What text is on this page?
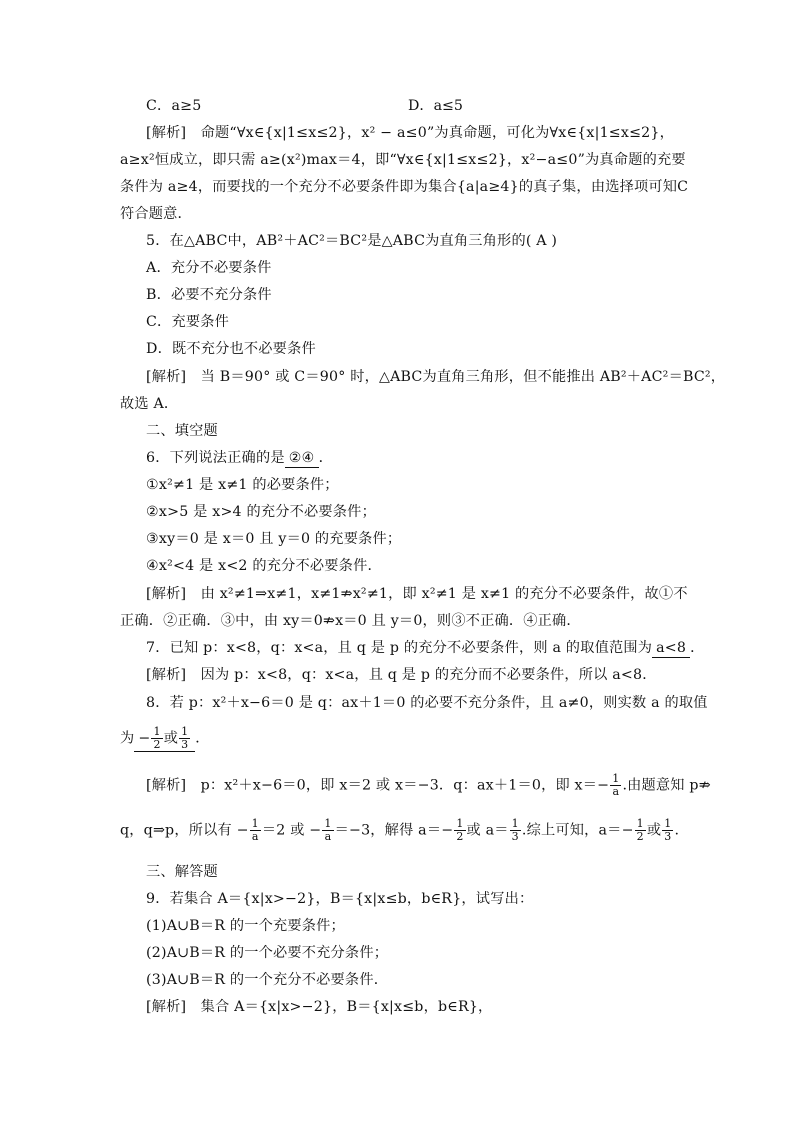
C．a≥5	D．a≤5
[解析]　命题“∀x∈{x|1≤x≤2}，x² − a≤0”为真命题，可化为∀x∈{x|1≤x≤2}，
a≥x²恒成立，即只需 a≥(x²)max＝4，即“∀x∈{x|1≤x≤2}，x²−a≤0”为真命题的充要
条件为 a≥4，而要找的一个充分不必要条件即为集合{a|a≥4}的真子集，由选择项可知C
符合题意．
5．在△ABC中，AB²＋AC²＝BC²是△ABC为直角三角形的( A )
A．充分不必要条件
B．必要不充分条件
C．充要条件
D．既不充分也不必要条件
[解析]　当 B＝90° 或 C＝90° 时，△ABC为直角三角形，但不能推出 AB²＋AC²＝BC²，
故选 A．
二、填空题
6．下列说法正确的是 ②④ ．
①x²≠1 是 x≠1 的必要条件；
②x>5 是 x>4 的充分不必要条件；
③xy＝0 是 x＝0 且 y＝0 的充要条件；
④x²<4 是 x<2 的充分不必要条件．
[解析]　由 x²≠1⇒x≠1，x≠1⇏x²≠1，即 x²≠1 是 x≠1 的充分不必要条件，故①不
正确．②正确．③中，由 xy＝0⇏x＝0 且 y＝0，则③不正确．④正确．
7．已知 p：x<8，q：x<a，且 q 是 p 的充分不必要条件，则 a 的取值范围为 a<8 ．
[解析]　因为 p：x<8，q：x<a，且 q 是 p 的充分而不必要条件，所以 a<8．
8．若 p：x²＋x−6＝0 是 q：ax＋1＝0 的必要不充分条件，且 a≠0，则实数 a 的取值
为 − $\frac{1}{2}$ 或 $\frac{1}{3}$ ．
[解析]　p：x²＋x−6＝0，即 x＝2 或 x＝−3．q：ax＋1＝0，即 $x=- \frac{1}{a}$ .由题意知 p⇏
q，q⇒p，所以有 − $\frac{1}{a} =2$ 或 − $\frac{1}{a} =-3$，解得 $a=- \frac{1}{2}$ 或 $a= \frac{1}{3}$ .综上可知，$a=- \frac{1}{2}$ 或 $\frac{1}{3}$ .
三、解答题
9．若集合 A＝{x|x>−2}，B＝{x|x≤b，b∈R}，试写出：
(1)A∪B＝R 的一个充要条件；
(2)A∪B＝R 的一个必要不充分条件；
(3)A∪B＝R 的一个充分不必要条件．
[解析]　集合 A＝{x|x>−2}，B＝{x|x≤b，b∈R}，
